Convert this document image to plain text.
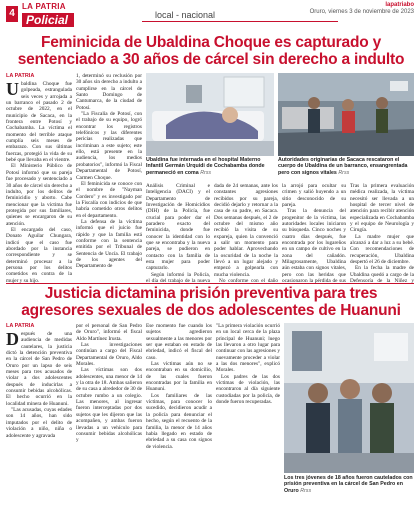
4
LA PATRIA
Policial	local - nacional
lapatriabo
Oruro, viernes 3 de noviembre de 2023
Feminicida de Ubaldina Choque es capturado y sentenciado a 30 años de cárcel sin derecho a indulto
LA PATRIA
U baldina Choque fue golpeada, estrangulada seis veces y arrojada a un barranco el pasado 2 de octubre de 2022, en el municipio de Sacaca, en la frontera entre Potosí y Cochabamba. La víctima el momento del terrible ataque cumplía seis meses de embarazo. Con sus últimas fuerzas, protegió la vida de su bebé que llevaba en el vientre.

El Ministerio Público de Potosí informó que su pareja fue procesado y sentenciado a 30 años de cárcel sin derecho a indulto, por los delitos de feminicidio y aborto. Cabe mencionar que la víctima fue protegida por sus familiares, quienes se encargaron de su atención.

El encargado del caso, Donato Aguilar Chungara, indicó que el caso fue abordado por la instancia correspondiente y se determinó procesar a la persona por los delitos cometidos en contra de la mujer y su hijo.

1, determinó su reclusión por 30 años sin derecho a indulto a cumplirse en la cárcel de Santo Domingo de Cantumarca, de la ciudad de Potosí.

"La Fiscalía de Potosí, con el trabajo de su equipo, logró encontrar los registros telefónicos y las diferentes pericias realizadas que incriminan a este sujeto; este ello, está presente en la audiencia, los medios probatorios", informó la Fiscal Departamental de Potosí, Carmen Choque.

El feminicida se conoce con el nombre de "Nayman Cordero" y es investigado por la Fiscalía con indicios de que habría cometido otros delitos en el departamento.

La defensa de la víctima informó que el juicio fue rápido y que la familia está conforme con la sentencia emitida por el Tribunal de Sentencia de Uncía. El trabajo de los agentes del Departamento de

Ubaldina fue internada en el hospital Materno Infantil Germán Urquidi de Cochabamba donde permaneció en coma Rrss
Autoridades originarias de Sacaca rescataron el cuerpo de Ubaldina de un barranco, ensangrentada pero con signos vitales Rrss

Análisis Criminal e Inteligencia (DACI) y el Departamento de Investigación de Homicidios (DIH) de la Policía, fue crucial para poder dar el paradero exacto del feminicida, donde fue conocer la identidad con lo que se encontraba y la nueva pareja, se pudieron en contacto con la familia de esta mujer para poder capturarlo.

Según informó la Policía, el día del trabajo de la nueva

dada de 24 semanas, ante los constantes agresiones recibidos por su pareja, decidió dejarlo y retornar a la casa de su padre, en Sacaca. Dos semanas después, el 2 de octubre del mismo año recibió la visita de su expareja, quien la convenció a salir un momento para poder hablar. Aprovechando la oscuridad de la noche la llevó a un lugar alejado y empezó a golpearla con mucha violencia.

No conforme con el daño

la arrojó para ocultar su crimen y salió huyendo a un sitio desconocido de su pareja.

Tras la denuncia del progenitor de la víctima, las autoridades locales iniciaron su búsqueda. Cinco noches y cuatro días después, fue encontrada por los lugareños en un campo de cultivo en la zona del cañadón. Milagrosamente, Ubaldina aún estaba con signos vitales, pero con las heridas que ocasionaron la pérdida de sus

Tras la primera evaluación médica realizada, la víctima necesitó ser llevada a un hospital de tercer nivel de atención para recibir atención especializada en Cochabamba y el equipo de Neurología y Cirugía.

La madre mujer que alcanzó a dar a luz a su bebé. Con recomendaciones de recuperación, Ubaldina despertó el 26 de diciembre.

En la fecha la madre de Ubaldina quedó a cargo de la Defensoría de la Niñez y

Justicia dictamina prisión preventiva para tres agresores sexuales de dos adolescentes de Huanuni
LA PATRIA
D espués de una audiencia de medidas cautelares, la justicia dictó la detención preventiva en la cárcel de San Pedro de Oruro por un lapso de seis meses para tres acusados de violar a dos adolescentes después de inducirlas a consumir bebidas alcohólicas. El hecho ocurrió en la localidad minera de Huanuni.

"Las acusadas, cuyas edades son 14 años, han sido imputados por el delito de violación a niño, niña o adolescente y agravada

por el personal de San Pedro de Oruro", informó el fiscal Aldo Martínez Irusta.

Las investigaciones continúan a cargo del Fiscal Departamental de Oruro, Aldo Morales.

Las víctimas son dos adolescentes, una menor de 14 y la otra de 18. Ambas salieron de su casa a alrededor de 30 de octubre rumbo a un colegio. Las menores, al ingresar fueron interceptadas por dos sujetos que les dijeron que las acompañen, y ambas fueron llevadas a un vehículo para consumir bebidas alcohólicas y

Ese momento fue cuando los sujetos agredieron sexualmente a las menores por ser que estaban en estado de ebriedad, indicó el fiscal del caso.

Las víctimas aún no se encontraban en su domicilio, de las cuales fueron encontradas por la familia en Huanuni.

Los familiares de las víctimas, para conocer lo sucedido, decidieron acudir a la policía para denunciar el hecho, según el recuento de la familia, la menor de 14 años había llegado en estado de ebriedad a su casa con signos de violencia.

"La primera violación ocurrió en un local cerca de la plaza principal de Huanuni; luego las llevaron a otro lugar para continuar con las agresiones y nuevamente proceder a violar a las dos menores", explicó Morales.

Los padres de las dos víctimas de violación, las encontraron al día siguiente custodiadas por la policía, de donde fueron recuperadas.

Los tres jóvenes de 18 años fueron cautelados con prisión preventiva en la cárcel de San Pedro en Oruro Rrss
